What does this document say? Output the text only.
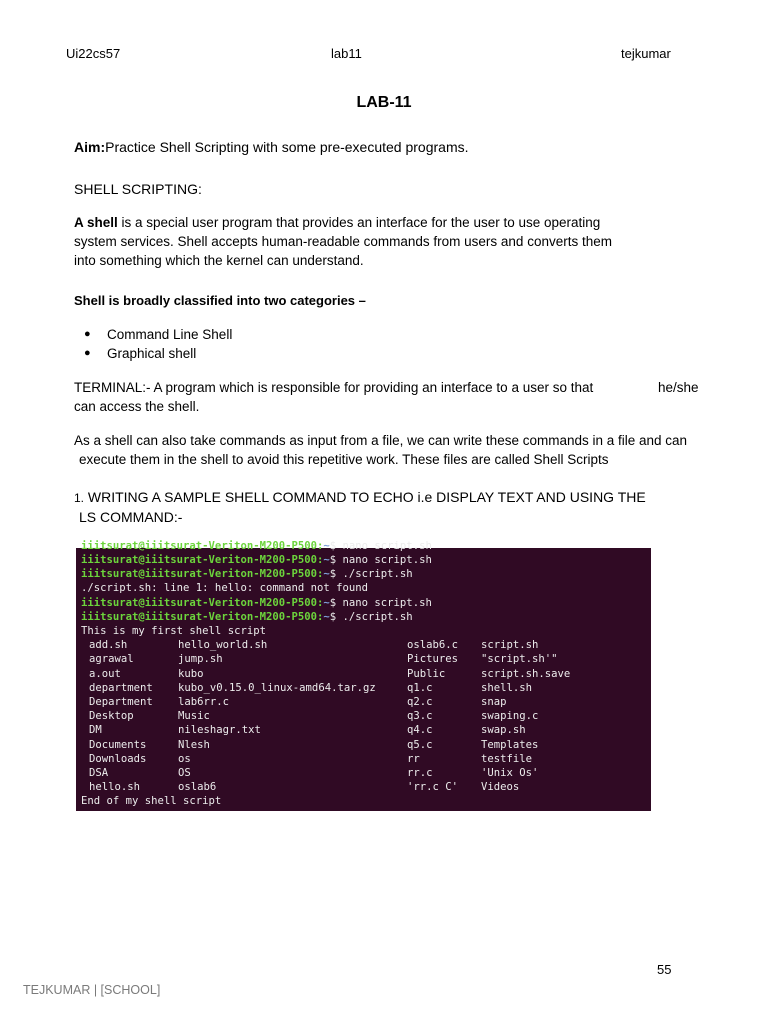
Ui22cs57	lab11	tejkumar
LAB-11
Aim:Practice Shell Scripting with some pre-executed programs.
SHELL SCRIPTING:
A shell is a special user program that provides an interface for the user to use operating
system services. Shell accepts human-readable commands from users and converts them
into something which the kernel can understand.
Shell is broadly classified into two categories –
● Command Line Shell
● Graphical shell
TERMINAL:- A program which is responsible for providing an interface to a user so that
can access the shell.
he/she
As a shell can also take commands as input from a file, we can write these commands in a file and can
execute them in the shell to avoid this repetitive work. These files are called Shell Scripts
1. WRITING A SAMPLE SHELL COMMAND TO ECHO i.e DISPLAY TEXT AND USING THE
LS COMMAND:-
iiitsurat@iiitsurat-Veriton-M200-P500:~$ nano script.sh
iiitsurat@iiitsurat-Veriton-M200-P500:~$ nano script.sh
iiitsurat@iiitsurat-Veriton-M200-P500:~$ ./script.sh
./script.sh: line 1: hello: command not found
iiitsurat@iiitsurat-Veriton-M200-P500:~$ nano script.sh
iiitsurat@iiitsurat-Veriton-M200-P500:~$ ./script.sh
This is my first shell script
add.sh
agrawal
a.out
department
Department
Desktop
DM
Documents
Downloads
DSA
hello.sh
hello_world.sh
jump.sh
kubo
kubo_v0.15.0_linux-amd64.tar.gz
lab6rr.c
Music
nileshagr.txt
Nlesh
os
OS
oslab6
oslab6.c
Pictures
Public
q1.c
q2.c
q3.c
q4.c
q5.c
rr
rr.c
'rr.c C'
script.sh
"script.sh'"
script.sh.save
shell.sh
snap
swaping.c
swap.sh
Templates
testfile
'Unix Os'
Videos
End of my shell script
55
TEJKUMAR | [SCHOOL]
